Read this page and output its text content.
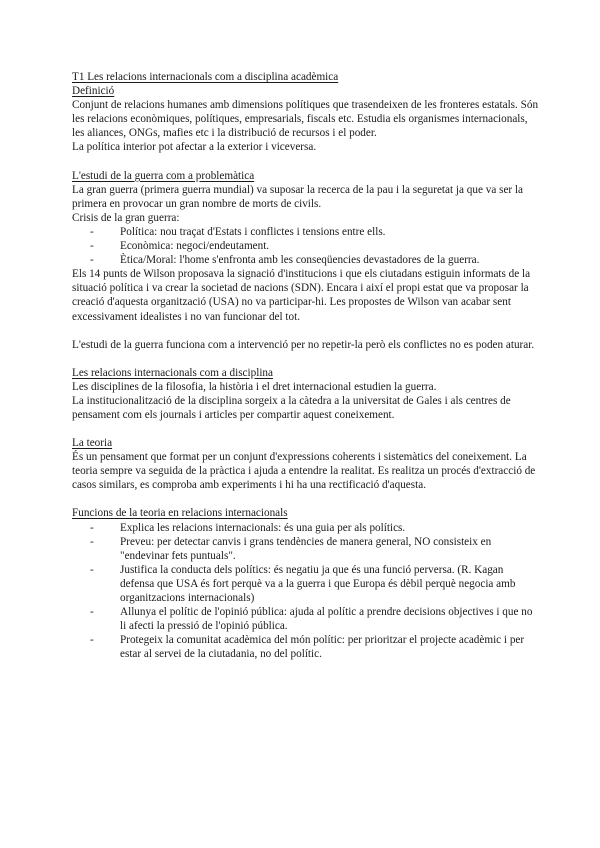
T1 Les relacions internacionals com a disciplina acadèmica

Definició

Conjunt de relacions humanes amb dimensions polítiques que trasendeixen de les fronteres estatals. Són les relacions econòmiques, polítiques, empresarials, fiscals etc. Estudia els organismes internacionals, les aliances, ONGs, mafies etc i la distribució de recursos i el poder.

La política interior pot afectar a la exterior i viceversa.

L'estudi de la guerra com a problemàtica

La gran guerra (primera guerra mundial) va suposar la recerca de la pau i la seguretat ja que va ser la primera en provocar un gran nombre de morts de civils.

Crisis de la gran guerra:

- Política: nou traçat d'Estats i conflictes i tensions entre ells.
- Econòmica: negoci/endeutament.
- Ètica/Moral: l'home s'enfronta amb les conseqüencies devastadores de la guerra.

Els 14 punts de Wilson proposava la signació d'institucions i que els ciutadans estiguin informats de la situació política i va crear la societad de nacions (SDN). Encara i així el propi estat que va proposar la creació d'aquesta organització (USA) no va participar-hi. Les propostes de Wilson van acabar sent excessivament idealistes i no van funcionar del tot.

L'estudi de la guerra funciona com a intervenció per no repetir-la però els conflictes no es poden aturar.

Les relacions internacionals com a disciplina

Les disciplines de la filosofia, la història i el dret internacional estudien la guerra.

La institucionalització de la disciplina sorgeix a la càtedra a la universitat de Gales i als centres de pensament com els journals i articles per compartir aquest coneixement.

La teoria

És un pensament que format per un conjunt d'expressions coherents i sistemàtics del coneixement. La teoria sempre va seguida de la pràctica i ajuda a entendre la realitat. Es realitza un procés d'extracció de casos similars, es comproba amb experiments i hi ha una rectificació d'aquesta.

Funcions de la teoria en relacions internacionals

- Explica les relacions internacionals: és una guia per als polítics.
- Preveu: per detectar canvis i grans tendències de manera general, NO consisteix en "endevinar fets puntuals".
- Justifica la conducta dels polítics: és negatiu ja que és una funció perversa. (R. Kagan defensa que USA és fort perquè va a la guerra i que Europa és dèbil perquè negocia amb organitzacions internacionals)
- Allunya el polític de l'opinió pública: ajuda al polític a prendre decisions objectives i que no li afecti la pressió de l'opinió pública.
- Protegeix la comunitat acadèmica del món polític: per prioritzar el projecte acadèmic i per estar al servei de la ciutadania, no del polític.
